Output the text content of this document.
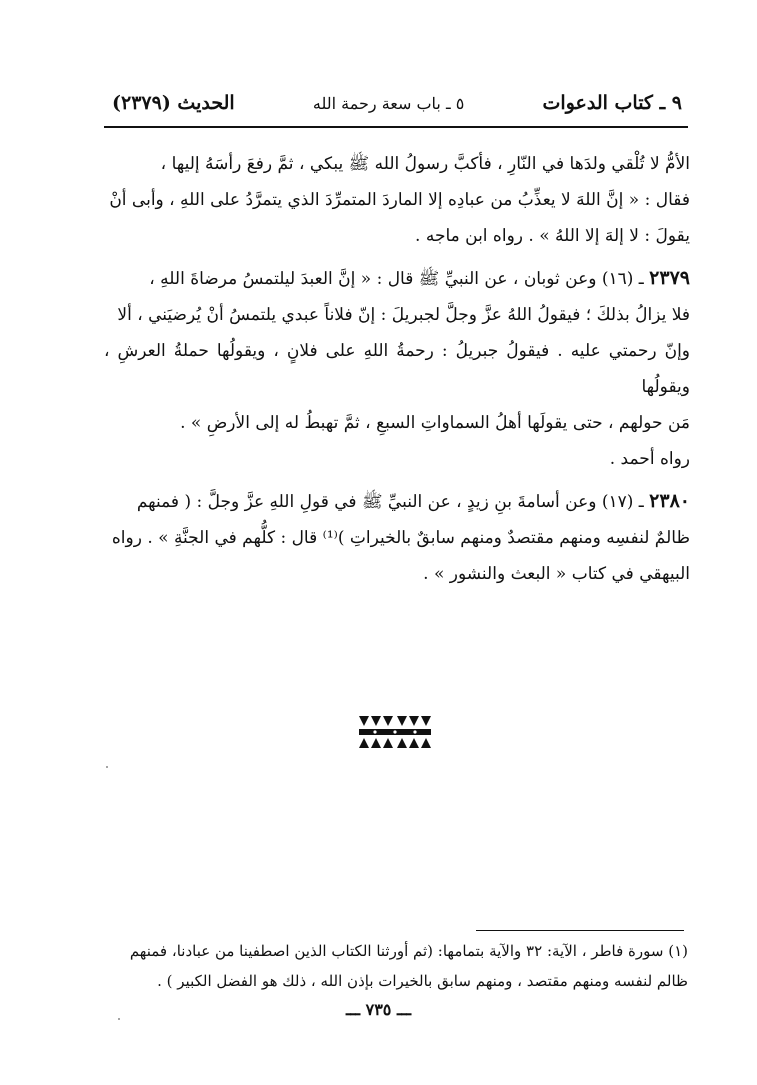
٩ ـ كتاب الدعوات
٥ ـ باب سعة رحمة الله
الحديث (٢٣٧٩)

الأمُّ لا تُلْقي ولدَها في النّارِ ، فأكبَّ رسولُ الله ﷺ يبكي ، ثمَّ رفعَ رأسَهُ إليها ،
فقال : « إنَّ اللهَ لا يعذِّبُ من عبادِه إلا الماردَ المتمرِّدَ الذي يتمرَّدُ على اللهِ ، وأبى أنْ
يقولَ : لا إلهَ إلا اللهُ » . رواه ابن ماجه .

٢٣٧٩ ـ (١٦) وعن ثوبان ، عن النبيِّ ﷺ قال : « إنَّ العبدَ ليلتمسُ مرضاةَ اللهِ ،
فلا يزالُ بذلكَ ؛ فيقولُ اللهُ عزَّ وجلَّ لجبريلَ : إنّ فلاناً عبدي يلتمسُ أنْ يُرضيَني ، ألا
وإنّ رحمتي عليه . فيقولُ جبريلُ : رحمةُ اللهِ على فلانٍ ، ويقولُها حملةُ العرشِ ، ويقولُها
مَن حولهم ، حتى يقولَها أهلُ السماواتِ السبعِ ، ثمَّ تهبطُ له إلى الأرضِ » .
رواه أحمد .

٢٣٨٠ ـ (١٧) وعن أسامةَ بنِ زيدٍ ، عن النبيِّ ﷺ في قولِ اللهِ عزَّ وجلَّ : ( فمنهم
ظالمٌ لنفسِه ومنهم مقتصدٌ ومنهم سابقٌ بالخيراتِ )⁽¹⁾ قال : كلُّهم في الجنَّةِ » . رواه
البيهقي في كتاب « البعث والنشور » .

(١) سورة فاطر ، الآية: ٣٢ والآية بتمامها: (ثم أورثنا الكتاب الذين اصطفينا من عبادنا، فمنهم
ظالم لنفسه ومنهم مقتصد ، ومنهم سابق بالخيرات بإذن الله ، ذلك هو الفضل الكبير ) .
ـــ ٧٣٥ ـــ
